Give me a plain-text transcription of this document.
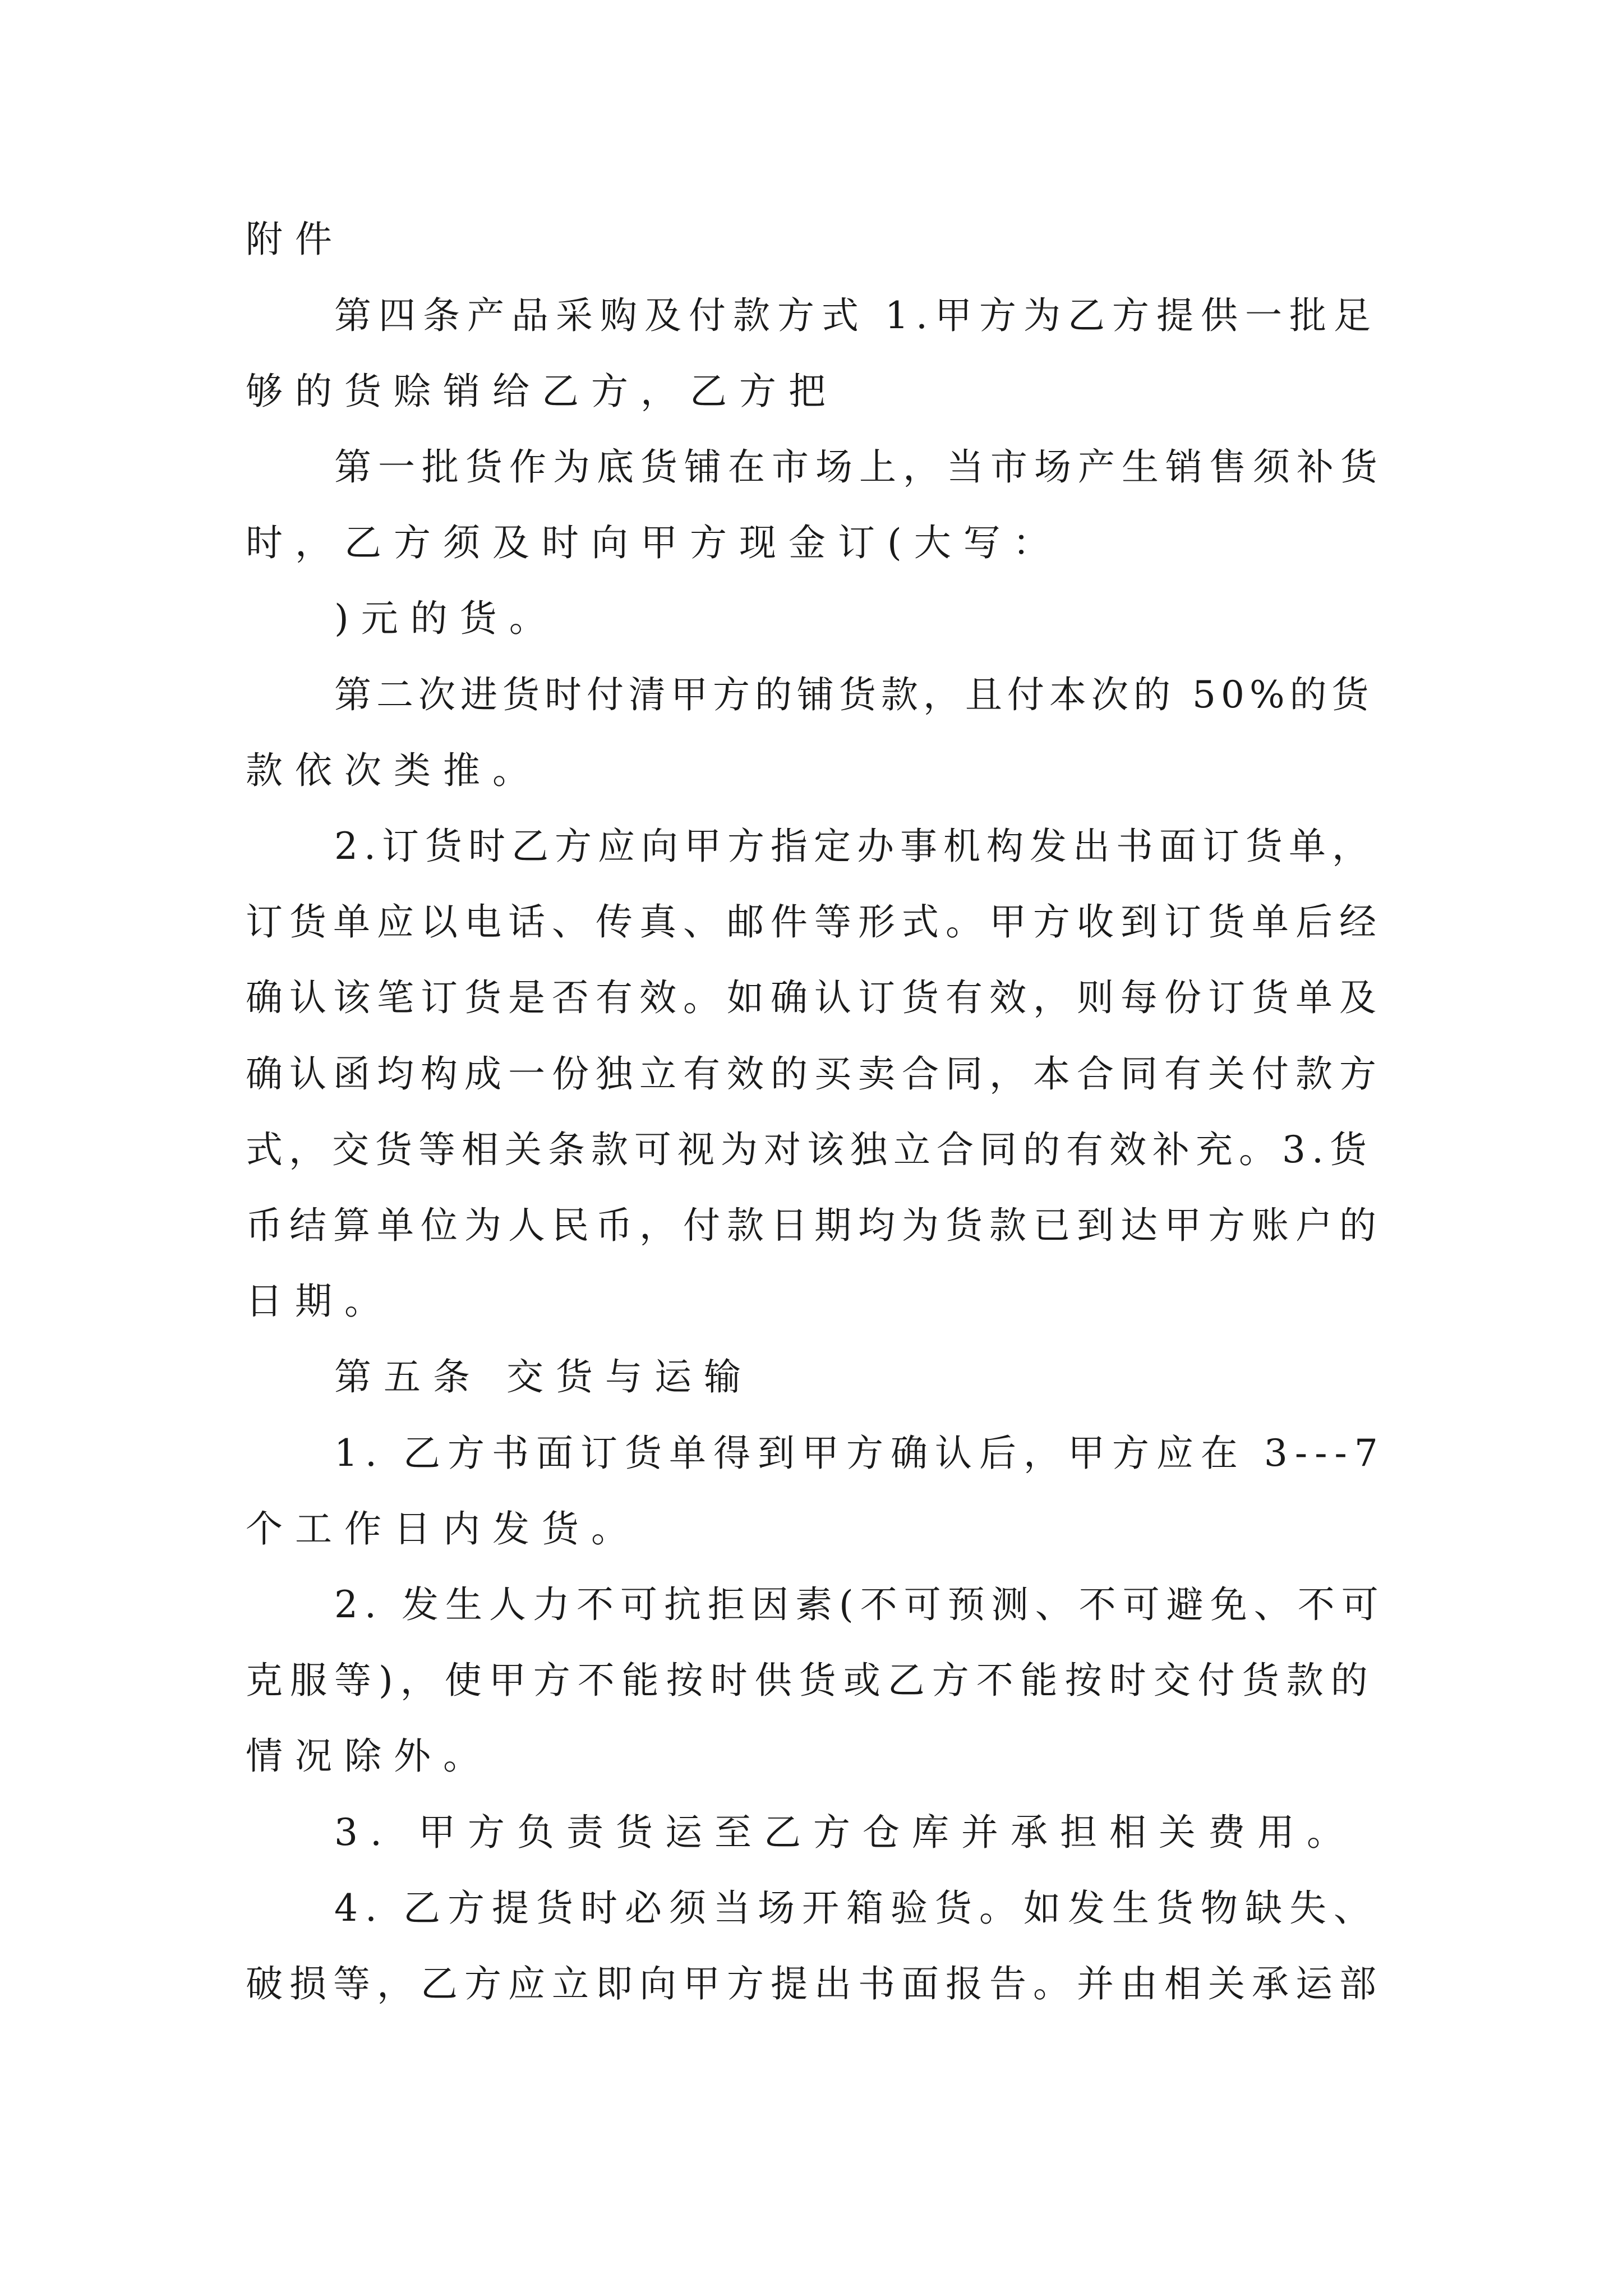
附件

第四条产品采购及付款方式 1.甲方为乙方提供一批足

够的货赊销给乙方，乙方把

第一批货作为底货铺在市场上，当市场产生销售须补货

时，乙方须及时向甲方现金订(大写：

)元的货。

第二次进货时付清甲方的铺货款，且付本次的 50%的货

款依次类推。

2.订货时乙方应向甲方指定办事机构发出书面订货单，

订货单应以电话、传真、邮件等形式。甲方收到订货单后经

确认该笔订货是否有效。如确认订货有效，则每份订货单及

确认函均构成一份独立有效的买卖合同，本合同有关付款方

式，交货等相关条款可视为对该独立合同的有效补充。3.货

币结算单位为人民币，付款日期均为货款已到达甲方账户的

日期。

第五条 交货与运输

1. 乙方书面订货单得到甲方确认后，甲方应在 3---7

个工作日内发货。

2. 发生人力不可抗拒因素(不可预测、不可避免、不可

克服等)，使甲方不能按时供货或乙方不能按时交付货款的

情况除外。

3. 甲方负责货运至乙方仓库并承担相关费用。

4. 乙方提货时必须当场开箱验货。如发生货物缺失、

破损等，乙方应立即向甲方提出书面报告。并由相关承运部
